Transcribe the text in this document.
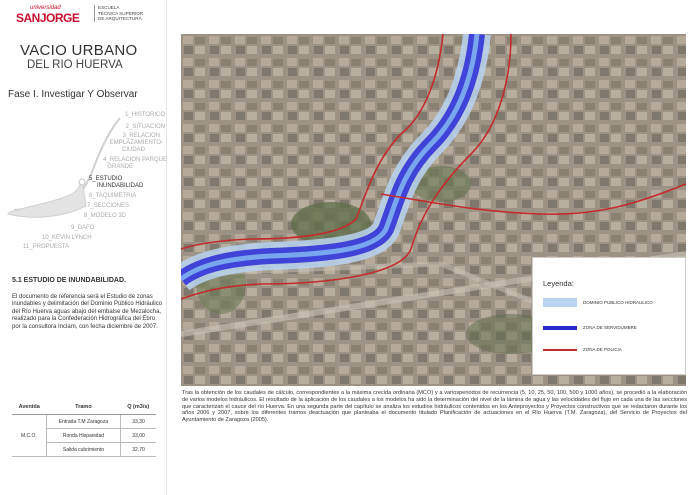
universidad
SANJORGE
ESCUELA
TÉCNICA SUPERIOR
DE ARQUITECTURA
VACIO URBANO
DEL RIO HUERVA
Fase I. Investigar Y Observar
1_HISTORICO
2_SITUACION
3_RELACION
EMPLAZAMIENTO-
CIUDAD
4_RELACION PARQUE
GRANDE
5_ESTUDIO
INUNDABILIDAD
6_TAQUIMETRIA
7_SECCIONES
8_MODELO 3D
9_DAFO
10_KEVIN LYNCH
11_PROPUESTA
5.1 ESTUDIO DE INUNDABILIDAD.
El documento de referencia será el Estudio de zonas inundables y delimitación del Dominio Público Hidráulico del Río Huerva aguas abajo del embalse de Mezalocha, realizado para la Confederación Hidrográfica del Ebro por la consultora Inclam, con fecha diciembre de 2007.
Avenida	Tramo	Q (m3/s)
M.C.O.	Entrada T.M Zaragoza	33,30
	Ronda Hispanidad	33,00
	Salida cubrimiento	32,70
Leyenda:
DOMINIO PUBLICO HIDRAULICO
ZONA DE SERVIDUMBRE
ZONA DE POLICIA
Tras la obtención de los caudales de cálculo, correspondientes a la máxima crecida ordinaria (MCO) y a variosperiodos de recurrencia (5, 10, 25, 50, 100, 500 y 1000 años), se procedió a la elaboración de varios modelos hidráulicos. El resultado de la aplicación de los caudales a los modelos ha sido la determinación del nivel de la lámina de agua y las velocidades del flujo en cada una de las secciones que caracterizan el cauce del río Huerva. En una segunda parte del capítulo se analiza los estudios hidráulicos contenidos en los Anteproyectos y Proyectos constructivos que se redactaron durante los años 2006 y 2007, sobre los diferentes tramos deactuación que planteaba el documento titulado Planificación de actuaciones en el Río Huerva (T.M. Zaragoza), del Servicio de Proyectos del Ayuntamiento de Zaragoza (2005).
